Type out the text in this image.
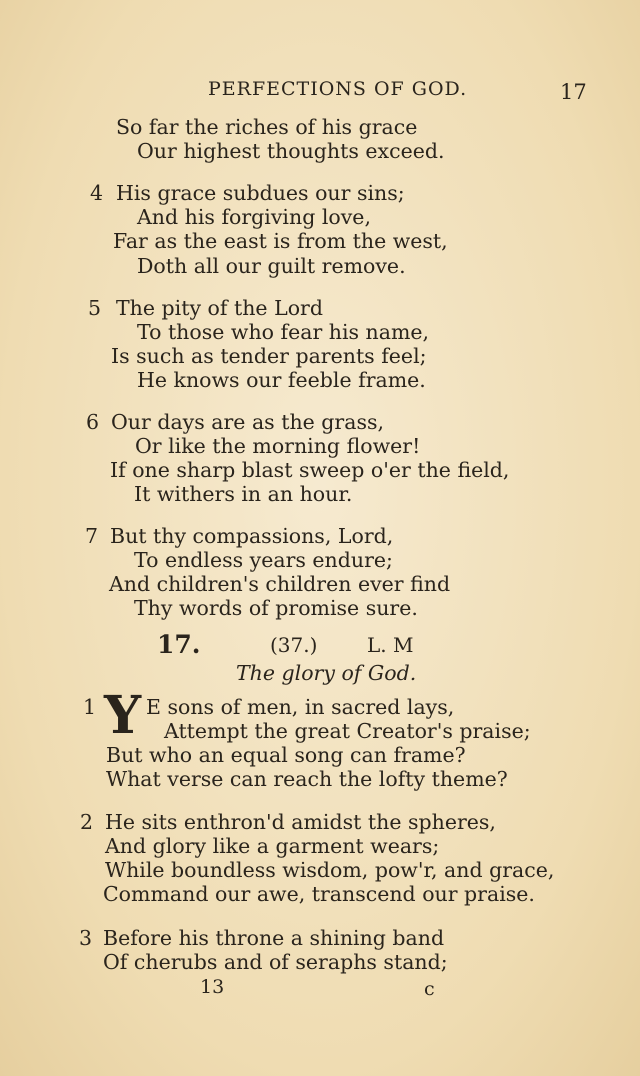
PERFECTIONS OF GOD.	17
So far the riches of his grace
Our highest thoughts exceed.
4 His grace subdues our sins;
And his forgiving love,
Far as the east is from the west,
Doth all our guilt remove.
5 The pity of the Lord
To those who fear his name,
Is such as tender parents feel;
He knows our feeble frame.
6 Our days are as the grass,
Or like the morning flower!
If one sharp blast sweep o'er the field,
It withers in an hour.
7 But thy compassions, Lord,
To endless years endure;
And children's children ever find
Thy words of promise sure.
17.	(37.) L. M
The glory of God.
1 Y E sons of men, in sacred lays,
Attempt the great Creator's praise;
But who an equal song can frame?
What verse can reach the lofty theme?
2 He sits enthron'd amidst the spheres,
And glory like a garment wears;
While boundless wisdom, pow'r, and grace,
Command our awe, transcend our praise.
3 Before his throne a shining band
Of cherubs and of seraphs stand;
13	c
